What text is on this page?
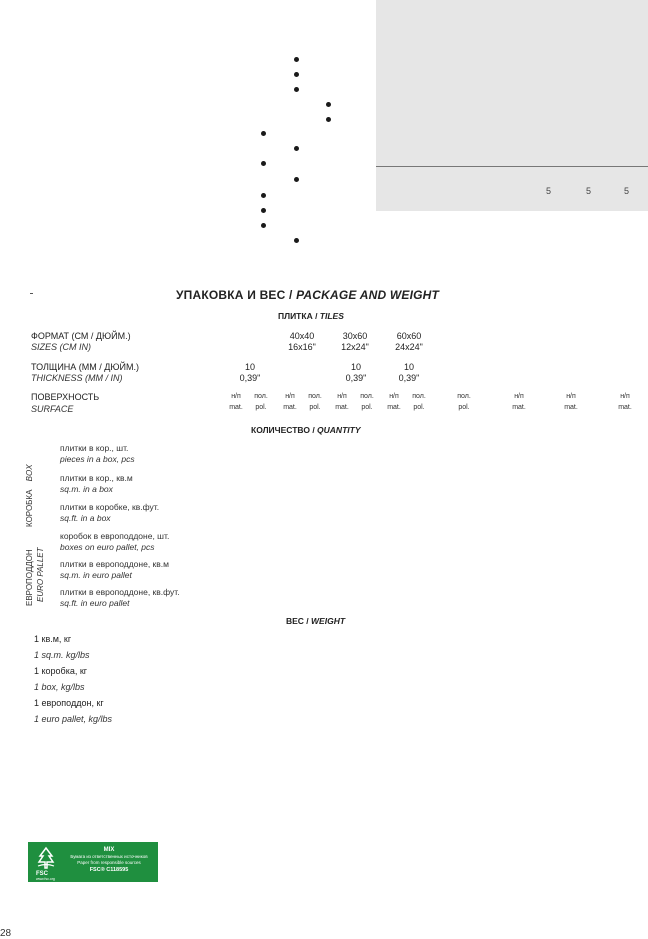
5	5	5
УПАКОВКА И ВЕС / PACKAGE AND WEIGHT
ПЛИТКА / TILES
ФОРМАТ (СМ / ДЮЙМ.)
SIZES (CM IN)
40x40
16x16"
30x60
12x24"
60x60
24x24"
ТОЛЩИНА (ММ / ДЮЙМ.)
THICKNESS (MM / IN)
10
0,39"
10
0,39"
10
0,39"
ПОВЕРХНОСТЬ
SURFACE
н/п
mat.
пол.
pol.
н/п
mat.
пол.
pol.
н/п
mat.
пол.
pol.
н/п
mat.
пол.
pol.
пол.
pol.
н/п
mat.
н/п
mat.
н/п
mat.
КОЛИЧЕСТВО / QUANTITY
КОРОБКА BOX
ЕВРОПОДДОН EURO PALLET
плитки в кор., шт.
pieces in a box, pcs
плитки в кор., кв.м
sq.m. in a box
плитки в коробке, кв.фут.
sq.ft. in a box
коробок в европоддоне, шт.
boxes on euro pallet, pcs
плитки в европоддоне, кв.м
sq.m. in euro pallet
плитки в европоддоне, кв.фут.
sq.ft. in euro pallet
ВЕС / WEIGHT
1 кв.м, кг
1 sq.m. kg/lbs
1 коробка, кг
1 box, kg/lbs
1 европоддон, кг
1 euro pallet, kg/lbs
FSC
MIX
Бумага из ответственных источников
Paper from responsible sources
FSC® C118595
www.fsc.org
28
